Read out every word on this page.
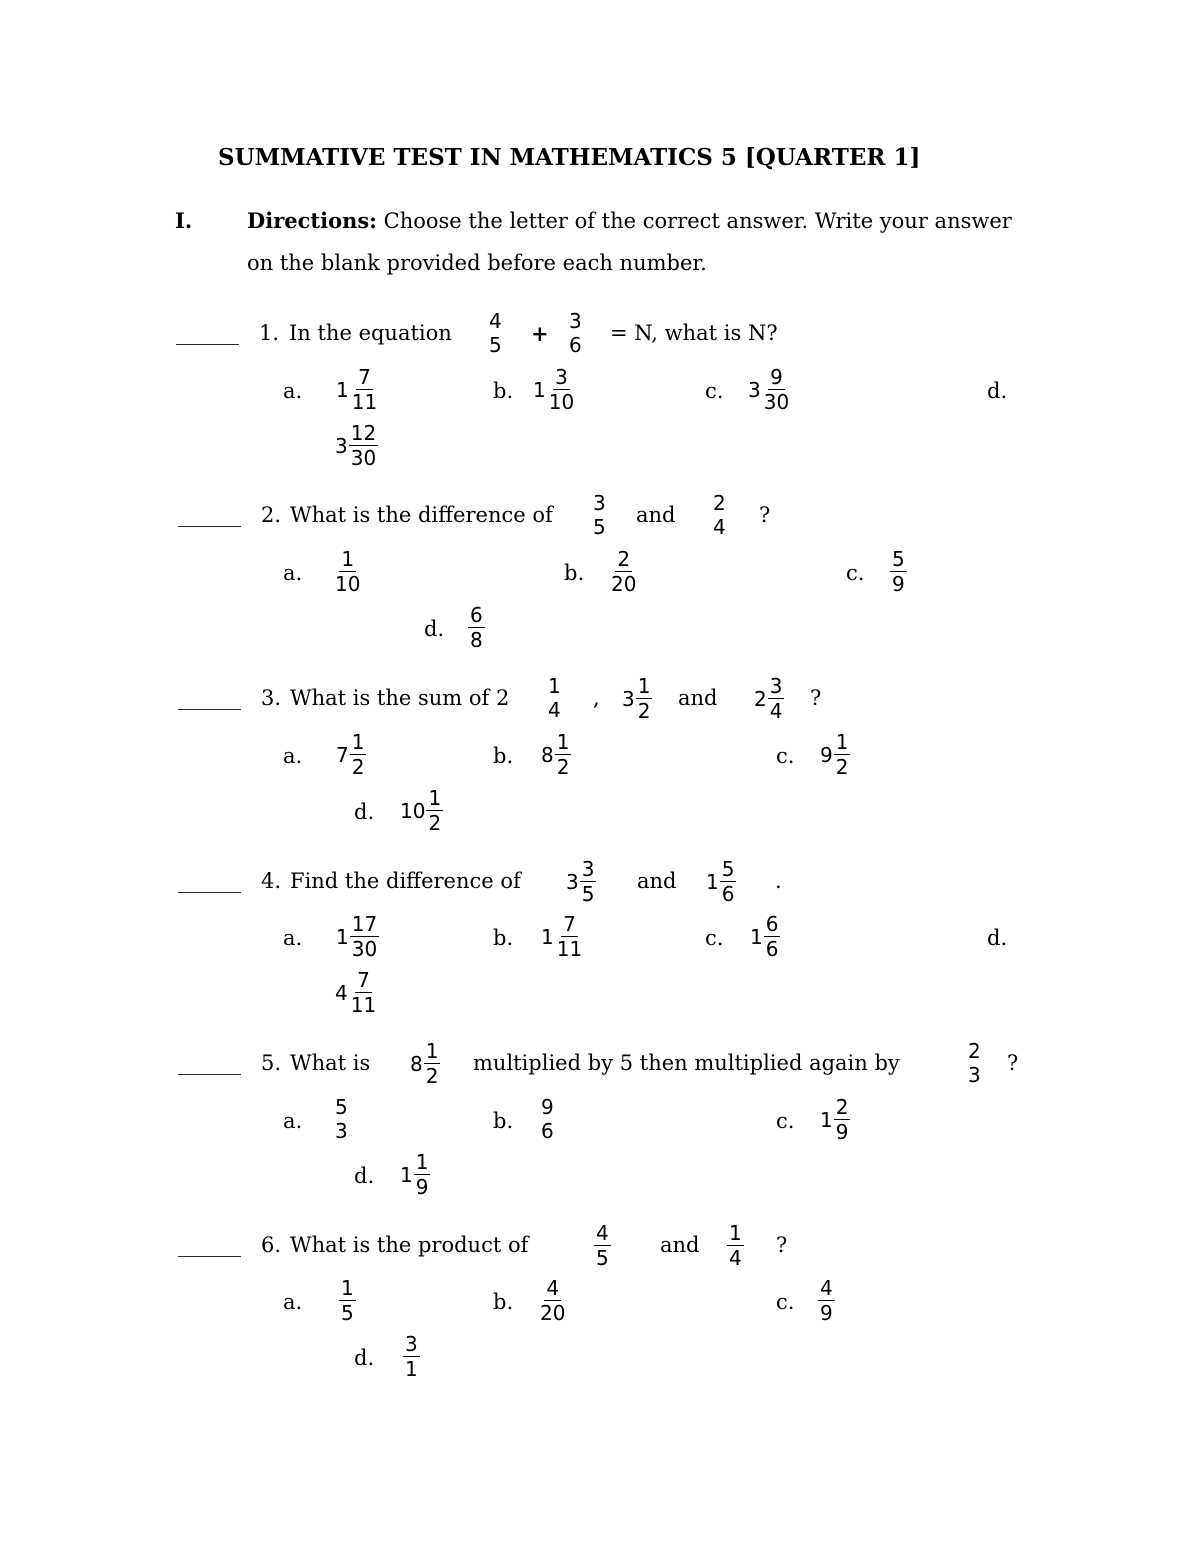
SUMMATIVE TEST IN MATHEMATICS 5 [QUARTER 1]
I.	Directions: Choose the letter of the correct answer. Write your answer
on the blank provided before each number.
______ 1. In the equation 4
5 + 3
6 = N, what is N?
a. $1 \frac{7}{11}$	b. $1 \frac{3}{10}$	c. $3 \frac{9}{30}$	d.
$3 \frac{12}{30}$
______ 2. What is the difference of 3
5 and 2
4 ?
a. $\frac{1}{10}$	b. $\frac{2}{20}$	c. $\frac{5}{9}$
d. $\frac{6}{8}$
______ 3. What is the sum of 2 1
4 , $3 \frac{1}{2}$ and $2 \frac{3}{4}$ ?
a. $7 \frac{1}{2}$	b. $8 \frac{1}{2}$	c. $9 \frac{1}{2}$
d. $10 \frac{1}{2}$
______ 4. Find the difference of $3 \frac{3}{5}$ and $1 \frac{5}{6}$ .
a. $1 \frac{17}{30}$	b. $1 \frac{7}{11}$	c. $1 \frac{6}{6}$	d.
$4 \frac{7}{11}$
______ 5. What is $8 \frac{1}{2}$ multiplied by 5 then multiplied again by	2
3 ?
a.
5
3	b.
9
6	c. $1 \frac{2}{9}$
d. $1 \frac{1}{9}$
______ 6. What is the product of	$\frac{4}{5}$ and $\frac{1}{4}$ ?
a. $\frac{1}{5}$	b. $\frac{4}{20}$	c. $\frac{4}{9}$
d. $\frac{3}{1}$
